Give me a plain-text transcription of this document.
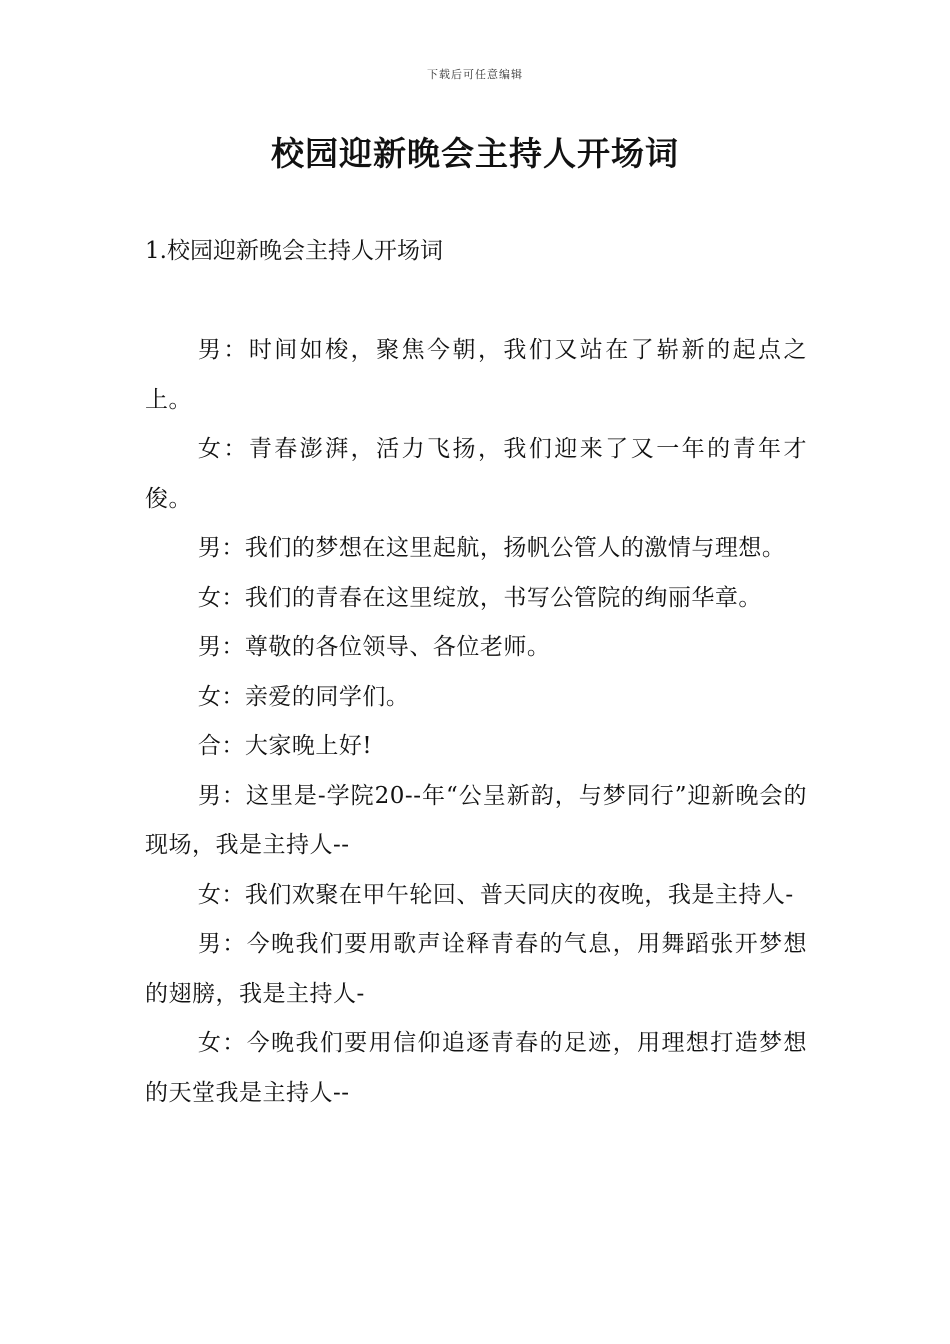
下载后可任意编辑
校园迎新晚会主持人开场词

1.校园迎新晚会主持人开场词

男：时间如梭，聚焦今朝，我们又站在了崭新的起点之上。

女：青春澎湃，活力飞扬，我们迎来了又一年的青年才俊。

男：我们的梦想在这里起航，扬帆公管人的激情与理想。

女：我们的青春在这里绽放，书写公管院的绚丽华章。

男：尊敬的各位领导、各位老师。

女：亲爱的同学们。

合：大家晚上好!

男：这里是-学院20--年“公呈新韵，与梦同行”迎新晚会的现场，我是主持人--

女：我们欢聚在甲午轮回、普天同庆的夜晚，我是主持人-

男：今晚我们要用歌声诠释青春的气息，用舞蹈张开梦想的翅膀，我是主持人-

女：今晚我们要用信仰追逐青春的足迹，用理想打造梦想的天堂我是主持人--
